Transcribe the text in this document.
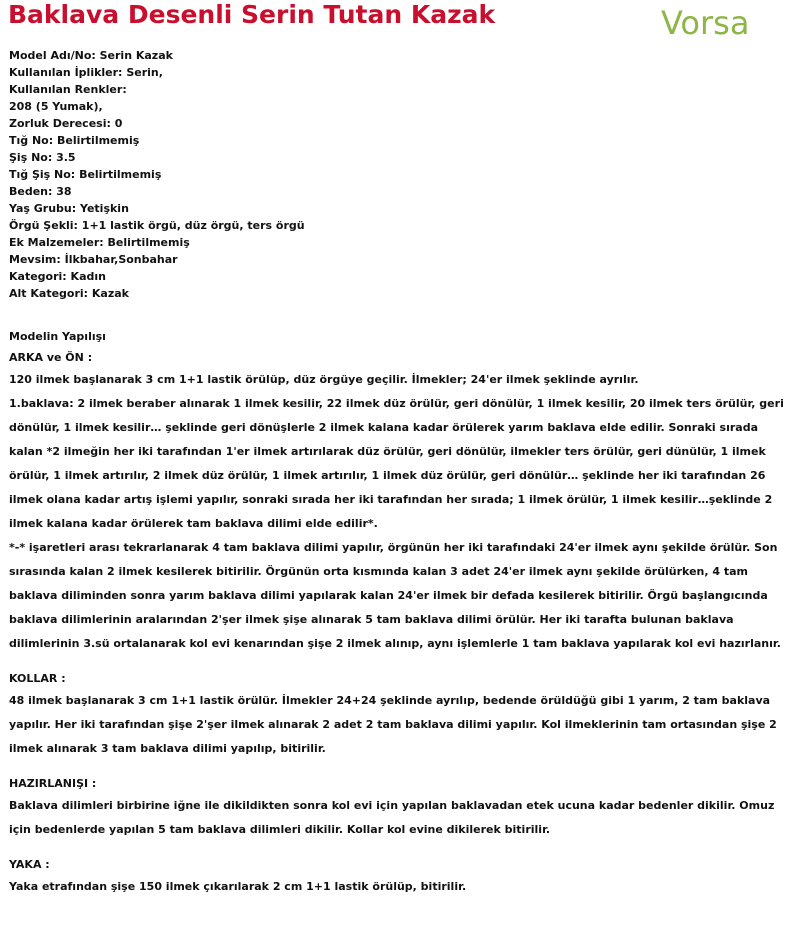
Baklava Desenli Serin Tutan Kazak	Vorsa
Model Adı/No: Serin Kazak
Kullanılan İplikler: Serin,
Kullanılan Renkler:
208 (5 Yumak),
Zorluk Derecesi: 0
Tığ No: Belirtilmemiş
Şiş No: 3.5
Tığ Şiş No: Belirtilmemiş
Beden: 38
Yaş Grubu: Yetişkin
Örgü Şekli: 1+1 lastik örgü, düz örgü, ters örgü
Ek Malzemeler: Belirtilmemiş
Mevsim: İlkbahar,Sonbahar
Kategori: Kadın
Alt Kategori: Kazak
Modelin Yapılışı
ARKA ve ÖN :
120 ilmek başlanarak 3 cm 1+1 lastik örülüp, düz örgüye geçilir. İlmekler; 24'er ilmek şeklinde ayrılır.
1.baklava: 2 ilmek beraber alınarak 1 ilmek kesilir, 22 ilmek düz örülür, geri dönülür, 1 ilmek kesilir, 20 ilmek ters örülür, geri dönülür, 1 ilmek kesilir… şeklinde geri dönüşlerle 2 ilmek kalana kadar örülerek yarım baklava elde edilir. Sonraki sırada kalan *2 ilmeğin her iki tarafından 1'er ilmek artırılarak düz örülür, geri dönülür, ilmekler ters örülür, geri dünülür, 1 ilmek örülür, 1 ilmek artırılır, 2 ilmek düz örülür, 1 ilmek artırılır, 1 ilmek düz örülür, geri dönülür… şeklinde her iki tarafından 26 ilmek olana kadar artış işlemi yapılır, sonraki sırada her iki tarafından her sırada; 1 ilmek örülür, 1 ilmek kesilir…şeklinde 2 ilmek kalana kadar örülerek tam baklava dilimi elde edilir*.
*-* işaretleri arası tekrarlanarak 4 tam baklava dilimi yapılır, örgünün her iki tarafındaki 24'er ilmek aynı şekilde örülür. Son sırasında kalan 2 ilmek kesilerek bitirilir. Örgünün orta kısmında kalan 3 adet 24'er ilmek aynı şekilde örülürken, 4 tam baklava diliminden sonra yarım baklava dilimi yapılarak kalan 24'er ilmek bir defada kesilerek bitirilir. Örgü başlangıcında baklava dilimlerinin aralarından 2'şer ilmek şişe alınarak 5 tam baklava dilimi örülür. Her iki tarafta bulunan baklava dilimlerinin 3.sü ortalanarak kol evi kenarından şişe 2 ilmek alınıp, aynı işlemlerle 1 tam baklava yapılarak kol evi hazırlanır.
KOLLAR :
48 ilmek başlanarak 3 cm 1+1 lastik örülür. İlmekler 24+24 şeklinde ayrılıp, bedende örüldüğü gibi 1 yarım, 2 tam baklava yapılır. Her iki tarafından şişe 2'şer ilmek alınarak 2 adet 2 tam baklava dilimi yapılır. Kol ilmeklerinin tam ortasından şişe 2 ilmek alınarak 3 tam baklava dilimi yapılıp, bitirilir.
HAZIRLANIŞI :
Baklava dilimleri birbirine iğne ile dikildikten sonra kol evi için yapılan baklavadan etek ucuna kadar bedenler dikilir. Omuz için bedenlerde yapılan 5 tam baklava dilimleri dikilir. Kollar kol evine dikilerek bitirilir.
YAKA :
Yaka etrafından şişe 150 ilmek çıkarılarak 2 cm 1+1 lastik örülüp, bitirilir.
